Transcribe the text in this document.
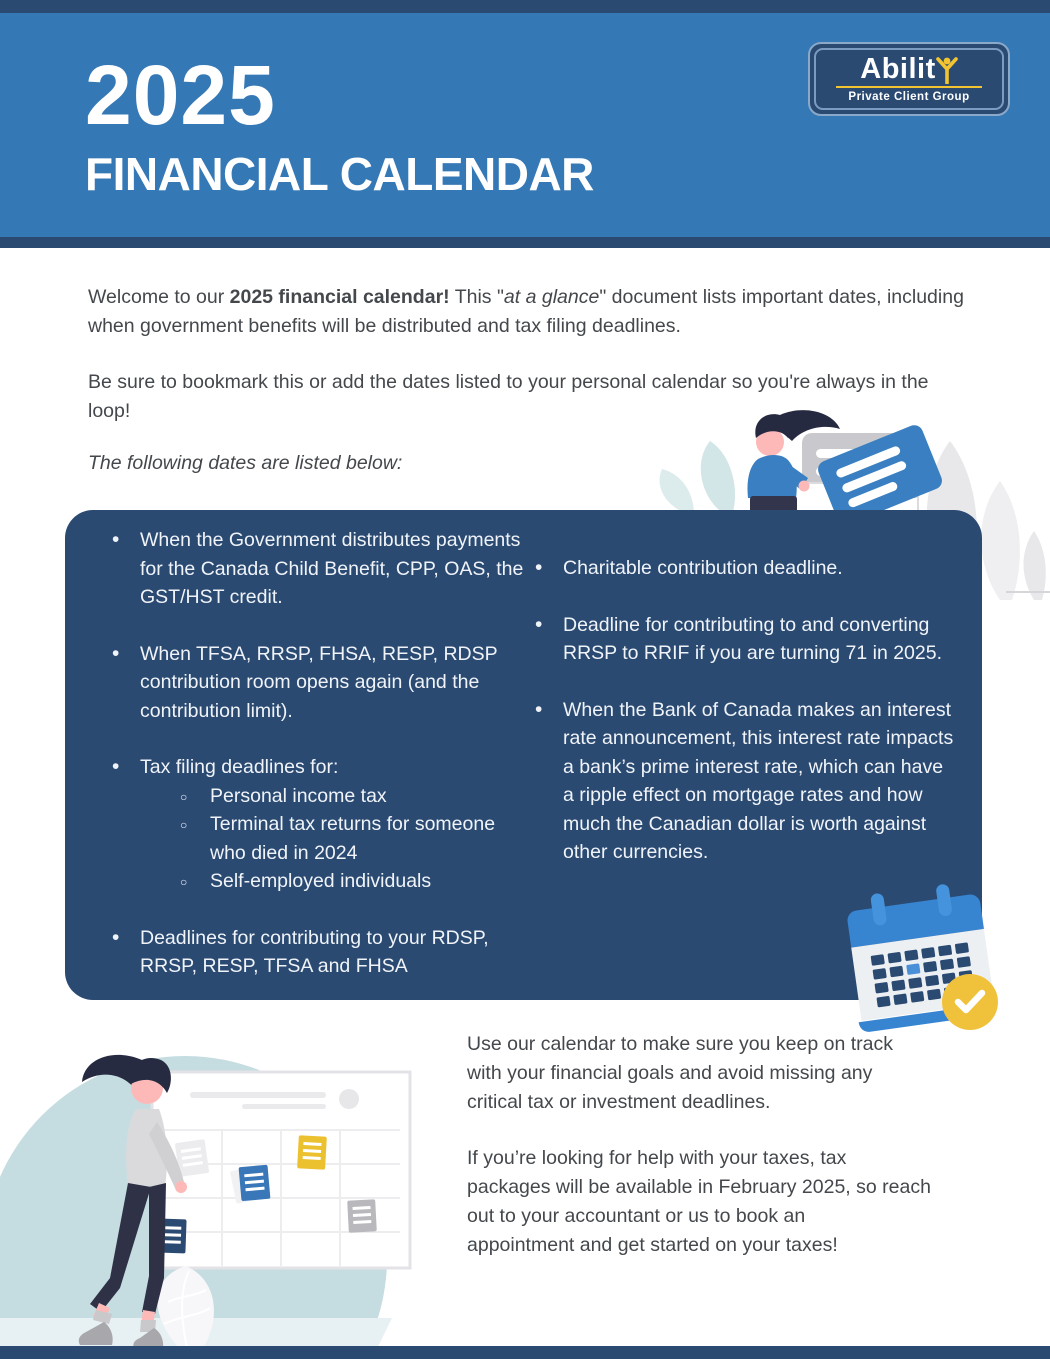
2025
FINANCIAL CALENDAR
Abilit
Private Client Group

Welcome to our 2025 financial calendar! This "at a glance" document lists important dates, including when government benefits will be distributed and tax filing deadlines.

Be sure to bookmark this or add the dates listed to your personal calendar so you're always in the
loop!

The following dates are listed below:

• When the Government distributes payments for the Canada Child Benefit, CPP, OAS, the GST/HST credit.
• When TFSA, RRSP, FHSA, RESP, RDSP contribution room opens again (and the contribution limit).
• Tax filing deadlines for:
○ Personal income tax
○ Terminal tax returns for someone who died in 2024
○ Self-employed individuals
• Deadlines for contributing to your RDSP, RRSP, RESP, TFSA and FHSA
• Charitable contribution deadline.
• Deadline for contributing to and converting RRSP to RRIF if you are turning 71 in 2025.
• When the Bank of Canada makes an interest rate announcement, this interest rate impacts a bank’s prime interest rate, which can have a ripple effect on mortgage rates and how much the Canadian dollar is worth against other currencies.

Use our calendar to make sure you keep on track
with your financial goals and avoid missing any
critical tax or investment deadlines.

If you’re looking for help with your taxes, tax
packages will be available in February 2025, so reach
out to your accountant or us to book an
appointment and get started on your taxes!
